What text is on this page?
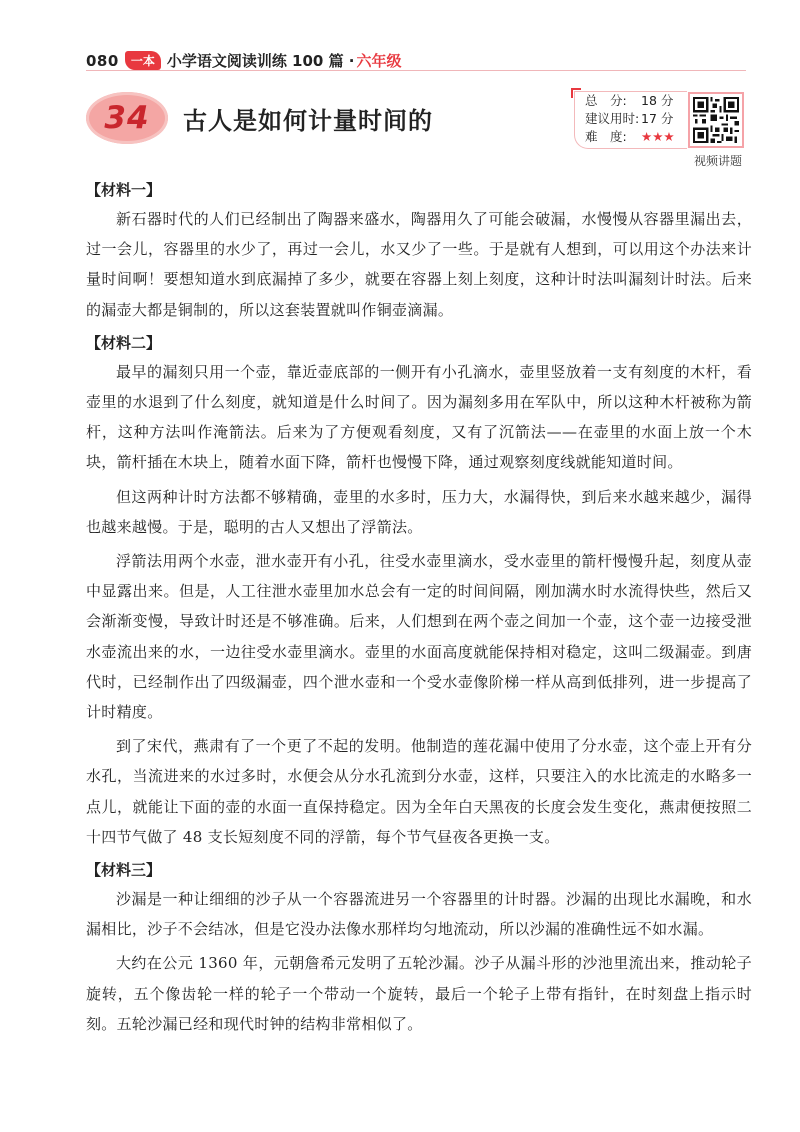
080	一本 小学语文阅读训练 100 篇 · 六年级
34 古人是如何计量时间的
总　分:	18 分
建议用时: 17 分
难　度:	★★★
视频讲题
【材料一】

新石器时代的人们已经制出了陶器来盛水，陶器用久了可能会破漏，水慢慢从容器里漏出去，过一会儿，容器里的水少了，再过一会儿，水又少了一些。于是就有人想到，可以用这个办法来计量时间啊！要想知道水到底漏掉了多少，就要在容器上刻上刻度，这种计时法叫漏刻计时法。后来的漏壶大都是铜制的，所以这套装置就叫作铜壶滴漏。

【材料二】

最早的漏刻只用一个壶，靠近壶底部的一侧开有小孔滴水，壶里竖放着一支有刻度的木杆，看壶里的水退到了什么刻度，就知道是什么时间了。因为漏刻多用在军队中，所以这种木杆被称为箭杆，这种方法叫作淹箭法。后来为了方便观看刻度，又有了沉箭法——在壶里的水面上放一个木块，箭杆插在木块上，随着水面下降，箭杆也慢慢下降，通过观察刻度线就能知道时间。

但这两种计时方法都不够精确，壶里的水多时，压力大，水漏得快，到后来水越来越少，漏得也越来越慢。于是，聪明的古人又想出了浮箭法。

浮箭法用两个水壶，泄水壶开有小孔，往受水壶里滴水，受水壶里的箭杆慢慢升起，刻度从壶中显露出来。但是，人工往泄水壶里加水总会有一定的时间间隔，刚加满水时水流得快些，然后又会渐渐变慢，导致计时还是不够准确。后来，人们想到在两个壶之间加一个壶，这个壶一边接受泄水壶流出来的水，一边往受水壶里滴水。壶里的水面高度就能保持相对稳定，这叫二级漏壶。到唐代时，已经制作出了四级漏壶，四个泄水壶和一个受水壶像阶梯一样从高到低排列，进一步提高了计时精度。

到了宋代，燕肃有了一个更了不起的发明。他制造的莲花漏中使用了分水壶，这个壶上开有分水孔，当流进来的水过多时，水便会从分水孔流到分水壶，这样，只要注入的水比流走的水略多一点儿，就能让下面的壶的水面一直保持稳定。因为全年白天黑夜的长度会发生变化，燕肃便按照二十四节气做了 48 支长短刻度不同的浮箭，每个节气昼夜各更换一支。

【材料三】

沙漏是一种让细细的沙子从一个容器流进另一个容器里的计时器。沙漏的出现比水漏晚，和水漏相比，沙子不会结冰，但是它没办法像水那样均匀地流动，所以沙漏的准确性远不如水漏。

大约在公元 1360 年，元朝詹希元发明了五轮沙漏。沙子从漏斗形的沙池里流出来，推动轮子旋转，五个像齿轮一样的轮子一个带动一个旋转，最后一个轮子上带有指针，在时刻盘上指示时刻。五轮沙漏已经和现代时钟的结构非常相似了。
